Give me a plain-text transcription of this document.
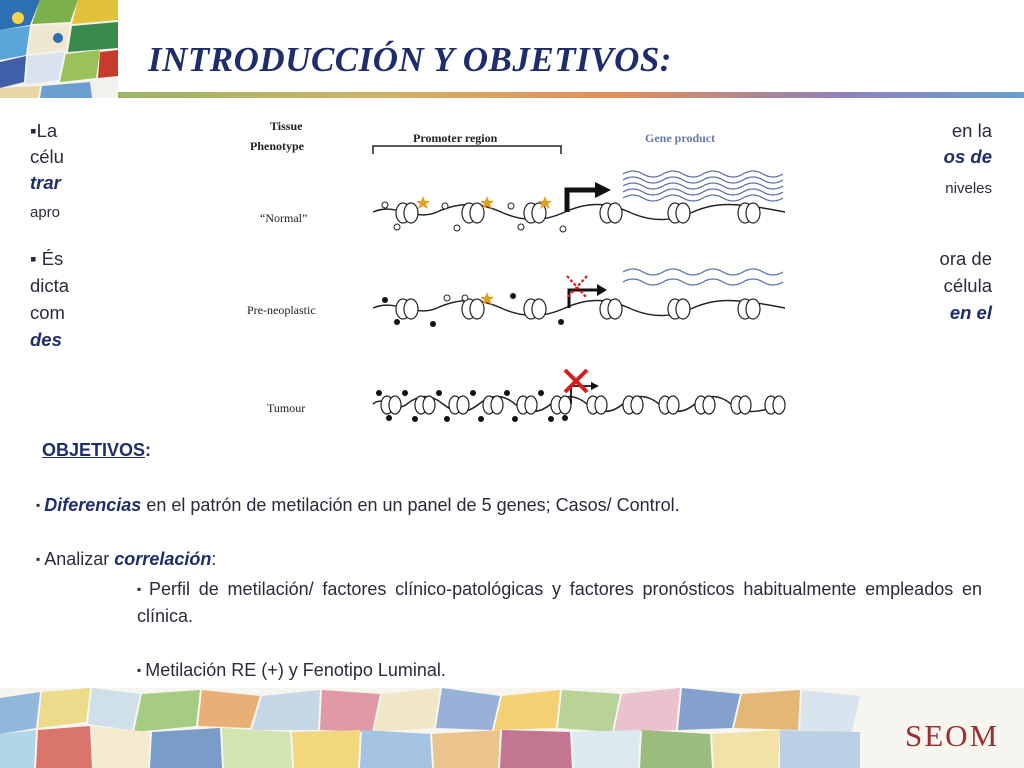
INTRODUCCIÓN Y OBJETIVOS:
▪La
célu
trar
apro
en la
os de
niveles
▪ És
dicta
com
des
ora de
célula
en el
Tissue
Phenotype
Promoter region	Gene product
“Normal”
Pre-neoplastic
Tumour
OBJETIVOS:
▪ Diferencias en el patrón de metilación en un panel de 5 genes; Casos/ Control.
▪ Analizar correlación:
▪ Perfil de metilación/ factores clínico-patológicas y factores pronósticos habitualmente empleados en clínica.
▪ Metilación RE (+) y Fenotipo Luminal.
SEOM
